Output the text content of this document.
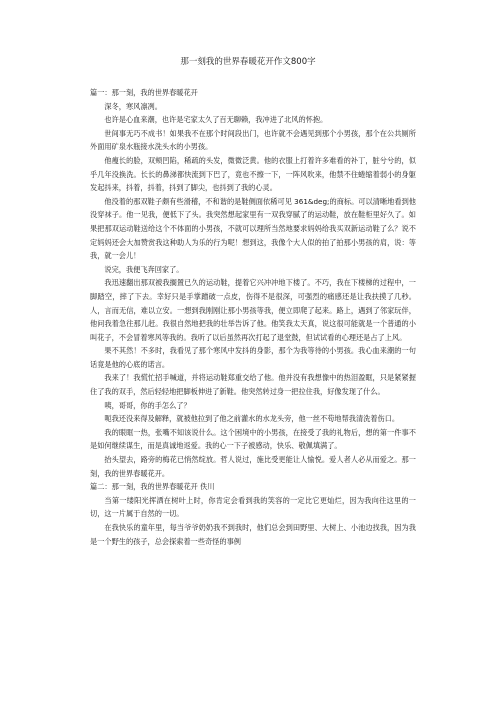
那一刻我的世界春暖花开作文800字

篇一：那一刻，我的世界春暖花开

深冬，寒风凛冽。

也许是心血来潮，也许是宅家太久了百无聊赖，我冲进了北风的怀抱。

世间事无巧不成书！如果我不在那个时间段出门，也许就不会遇见到那个小男孩，那个在公共厕所外面用矿泉水瓶接水洗头水的小男孩。

他瘦长的脸，双颊凹陷，稀疏的头发，微微泛黄。他的衣服上打着许多难看的补丁，脏兮兮的，似乎几年没换洗。长长的鼻涕都快流到下巴了，竟也不擦一下，一阵风吹来，他禁不住蜷缩着弱小的身躯发起抖来，抖着，抖着，抖到了脚尖，也抖到了我的心灵。

他没着的那双鞋子颇有些滑稽，不和谐的是鞋侧面依稀可见 361&deg;的商标。可以清晰地看到他没穿袜子。他一见我，便低下了头。我突然想起家里有一双我穿腻了的运动鞋，放在鞋柜里好久了。如果把那双运动鞋送给这个不体面的小男孩，不就可以理所当然地要求妈妈给我买双新运动鞋了么？说不定妈妈还会大加赞赏我这种助人为乐的行为呢！想到这，我像个大人似的拍了拍那小男孩的肩，说：等我，就一会儿！

说完，我便飞奔回家了。

我迅速翻出那双被我搁置已久的运动鞋，提着它兴冲冲地下楼了。不巧，我在下楼梯的过程中，一脚踏空，摔了下去。幸好只是手掌蹭破一点皮，伤得不是很深，可强烈的痛感还是让我扶摸了几秒。人，言而无信，难以立安。一想到我刚刚让那小男孩等我，便立即爬了起来。路上，遇到了邻家玩伴，他问我着急往那儿赶。我很自然地把我的壮举告诉了他。他笑我太天真，说这很可能就是一个普通的小叫花子，不会冒着寒风等我的。我听了以后虽然再次打起了退堂鼓，但试试看的心理还是占了上风。

果不其然！不多时，我看见了那个寒风中发抖的身影，那个为我等待的小男孩。我心血来潮的一句话竟是他的心底的诺言。

我来了！我慌忙招手喊道，并将运动鞋郑重交给了他。他并没有我想像中的热泪盈眶，只是紧紧握住了我的双手，然后轻轻地把脚板伸进了新鞋。他突然转过身一把拉住我，好像发现了什么。

咦，哥哥，你的手怎么了？

呃我还没来得及解释，就被他拉到了他之前灌水的水龙头旁，他一丝不苟地帮我清洗着伤口。

我的眼眶一热，张嘴不知该说什么。这个困境中的小男孩，在接受了我的礼物后，想的第一件事不是如何继续谋生，而是真诚地返爱。我的心一下子被感动，快乐、敬佩填满了。

抬头望去，路旁的梅花已悄然绽放。哲人说过，施比受更能让人愉悦。爱人者人必从而爱之。那一刻，我的世界春暖花开。

篇二：那一刻，我的世界春暖花开 佚川

当第一缕阳光挥洒在树叶上时，你肯定会看到我的笑容的一定比它更灿烂，因为我向往这里的一切，这一片属于自然的一切。

在我快乐的童年里，每当爷爷奶奶我不到我时，他们总会到田野里、大树上、小池边找我，因为我是一个野生的孩子，总会探索着一些奇怪的事例
